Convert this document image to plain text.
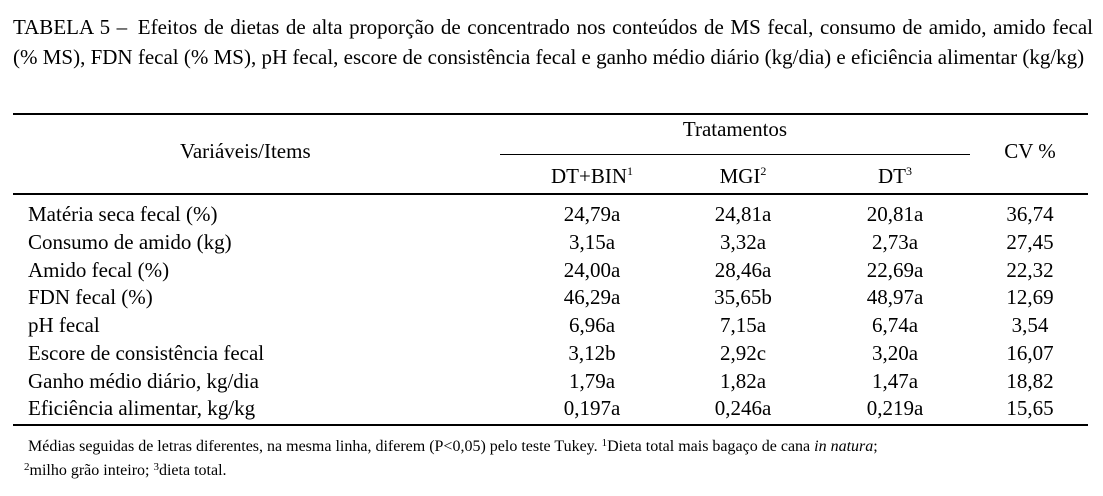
TABELA 5 – Efeitos de dietas de alta proporção de concentrado nos conteúdos de MS fecal, consumo de amido, amido fecal (% MS), FDN fecal (% MS), pH fecal, escore de consistência fecal e ganho médio diário (kg/dia) e eficiência alimentar (kg/kg)
Variáveis/Items
Tratamentos
CV %
$DT+BIN^1$	MGI$^2$	$DT^3$
Matéria seca fecal (%)	24,79a	24,81a	20,81a	36,74
Consumo de amido (kg)	3,15a	3,32a	2,73a	27,45
Amido fecal (%)	24,00a	28,46a	22,69a	22,32
FDN fecal (%)	46,29a	35,65b	48,97a	12,69
pH fecal	6,96a	7,15a	6,74a	3,54
Escore de consistência fecal	3,12b	2,92c	3,20a	16,07
Ganho médio diário, kg/dia	1,79a	1,82a	1,47a	18,82
Eficiência alimentar, kg/kg	0,197a	0,246a	0,219a	15,65
Médias seguidas de letras diferentes, na mesma linha, diferem (P<0,05) pelo teste Tukey. $^1$Dieta total mais bagaço de cana in natura;
$^2$milho grão inteiro; $^3$dieta total.
